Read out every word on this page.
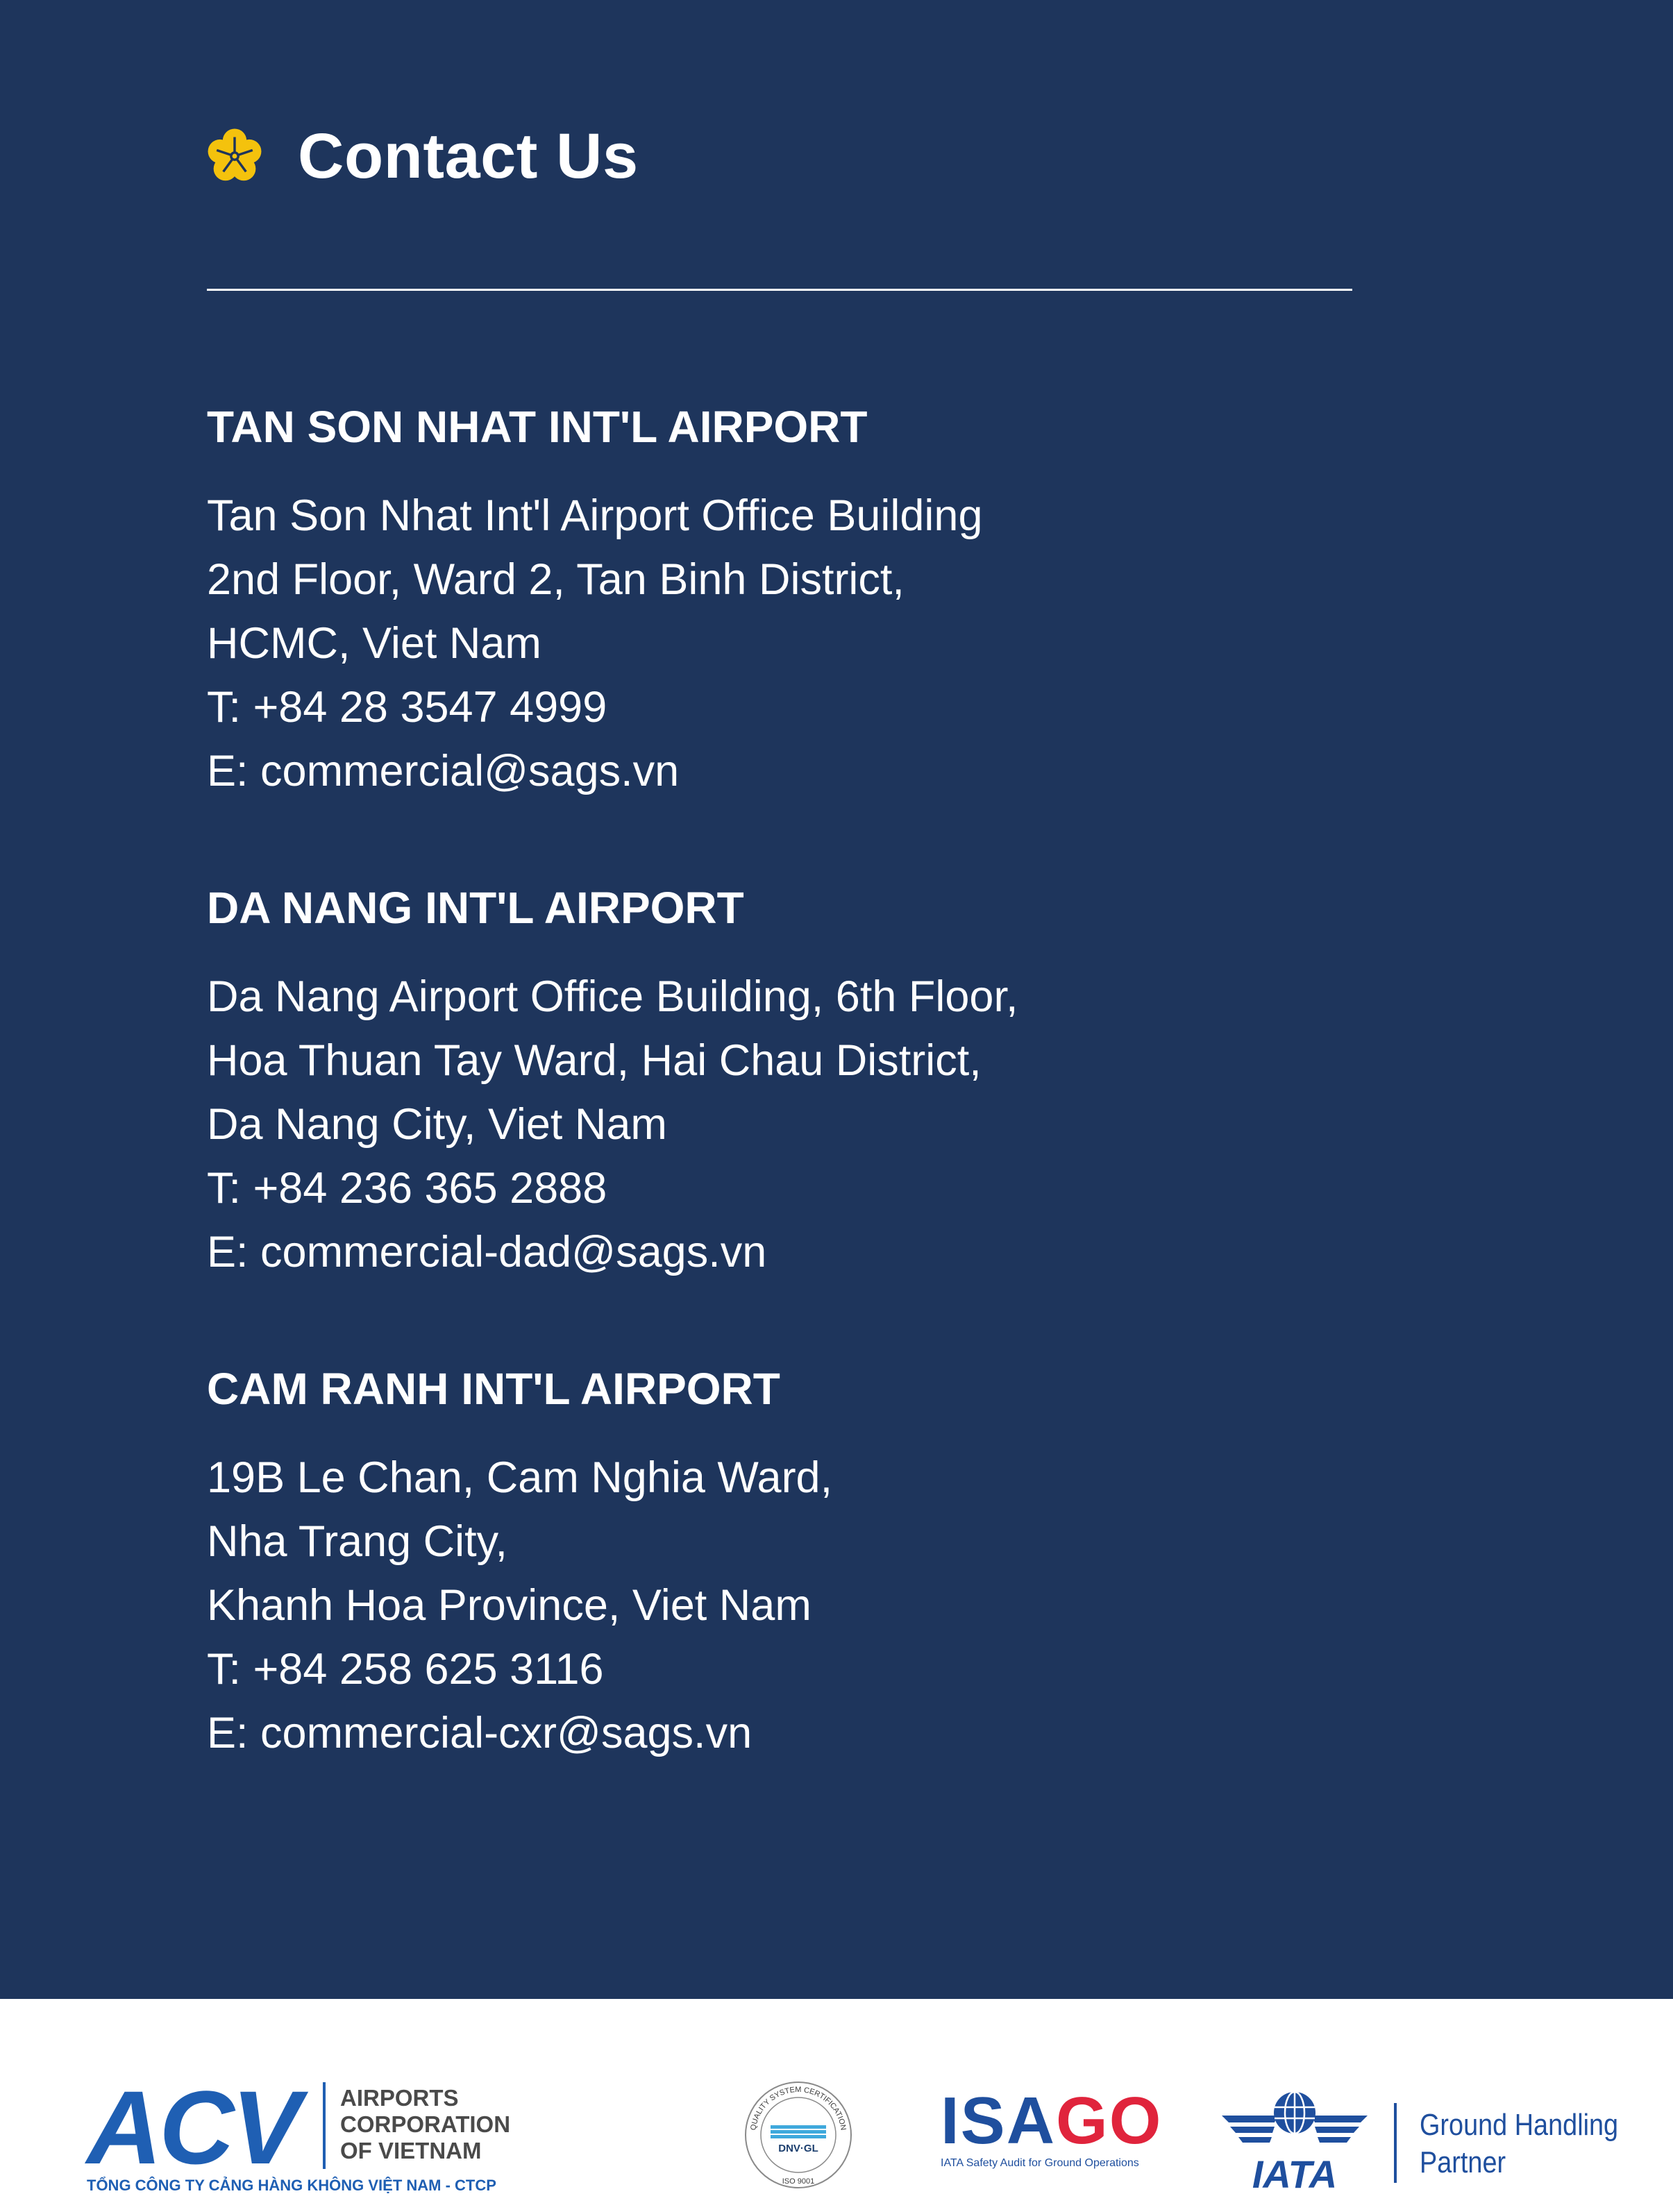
Contact Us
TAN SON NHAT INT'L AIRPORT
Tan Son Nhat Int'l Airport Office Building
2nd Floor, Ward 2, Tan Binh District,
HCMC, Viet Nam
T: +84 28 3547 4999
E: commercial@sags.vn
DA NANG INT'L AIRPORT
Da Nang Airport Office Building, 6th Floor,
Hoa Thuan Tay Ward, Hai Chau District,
Da Nang City, Viet Nam
T: +84 236 365 2888
E: commercial-dad@sags.vn
CAM RANH INT'L AIRPORT
19B Le Chan, Cam Nghia Ward,
Nha Trang City,
Khanh Hoa Province, Viet Nam
T: +84 258 625 3116
E: commercial-cxr@sags.vn
ACV AIRPORTS
CORPORATION
OF VIETNAM
TỔNG CÔNG TY CẢNG HÀNG KHÔNG VIỆT NAM - CTCP
QUALITY SYSTEM CERTIFICATION
DNV·GL
ISO 9001
ISAGO
IATA Safety Audit for Ground Operations	IATA
Ground Handling
Partner
